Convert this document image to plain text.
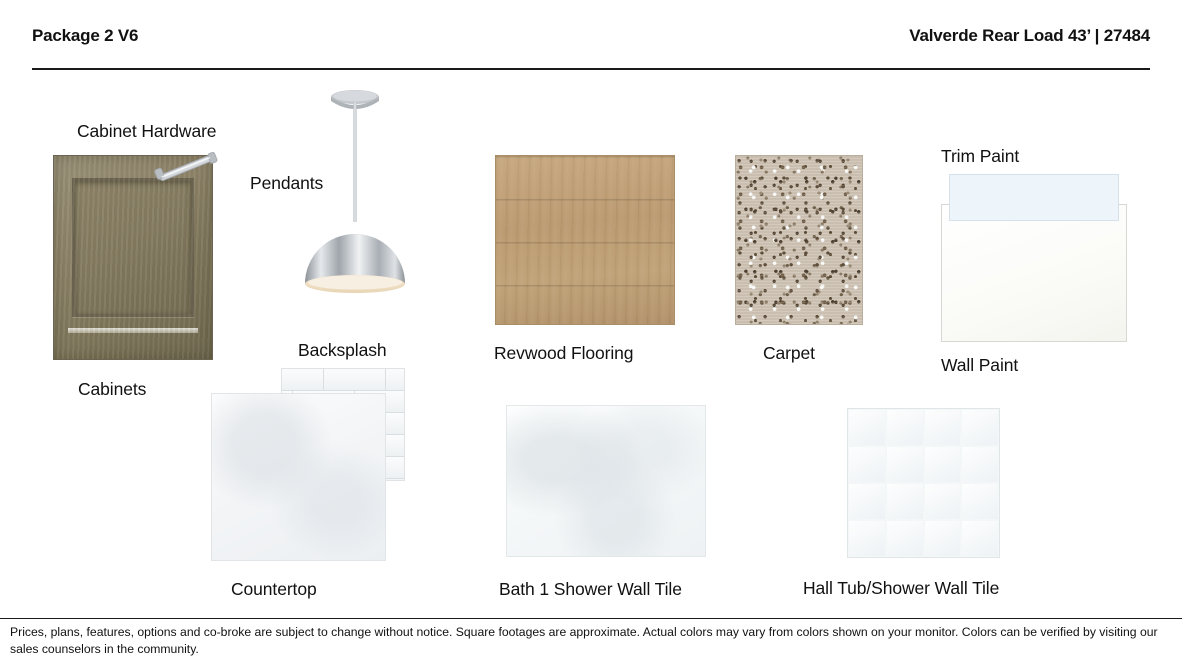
Package 2 V6	Valverde Rear Load 43’ | 27484
Cabinet Hardware
Cabinets
Pendants
Revwood Flooring	Carpet
Trim Paint
Wall Paint
Backsplash
Countertop	Bath 1 Shower Wall Tile	Hall Tub/Shower Wall Tile
Prices, plans, features, options and co-broke are subject to change without notice. Square footages are approximate. Actual colors may vary from colors shown on your monitor. Colors can be verified by visiting our sales counselors in the community.
